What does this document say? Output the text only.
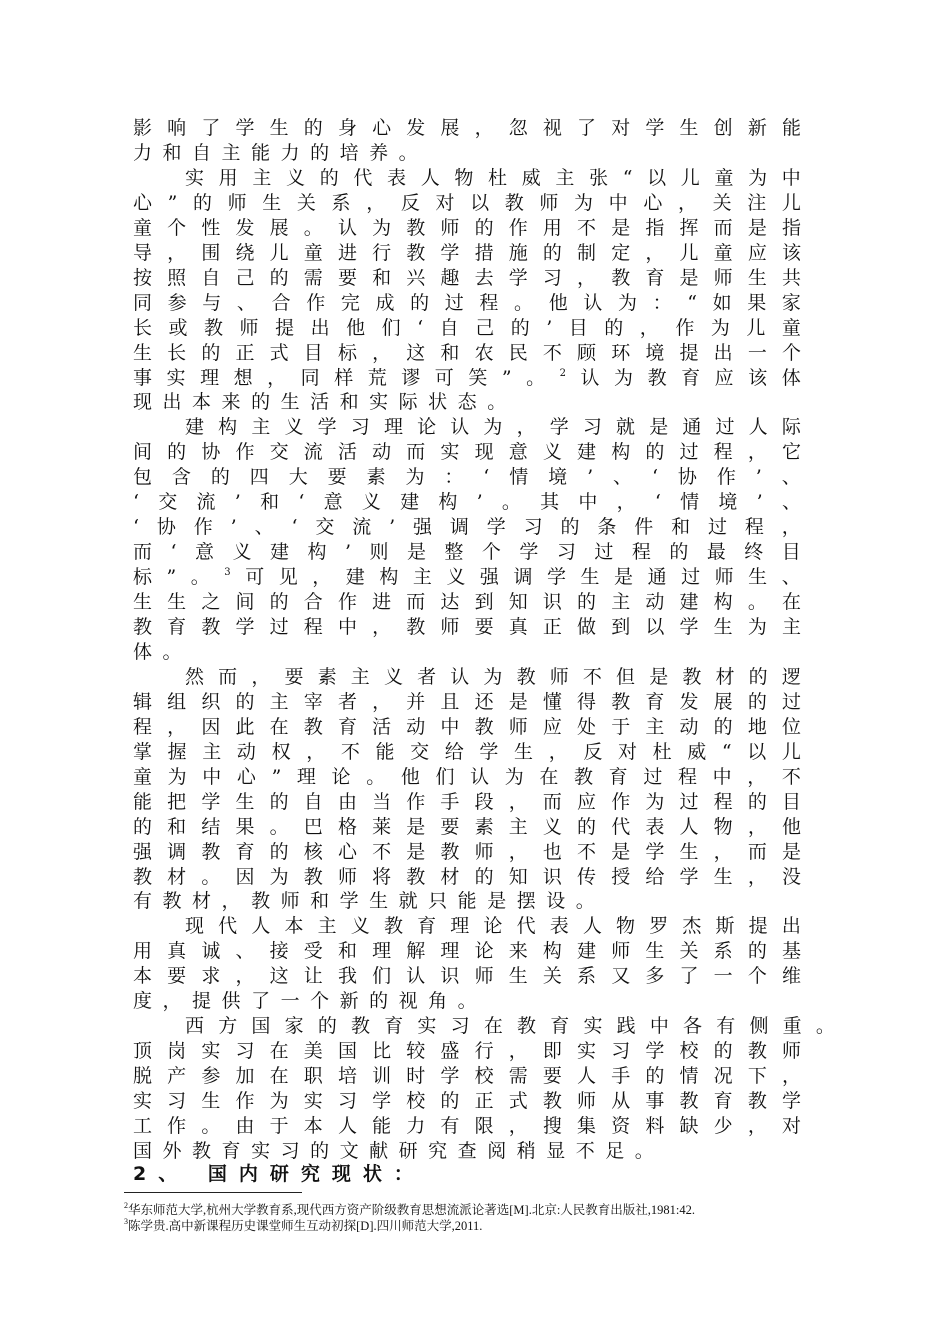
影 响 了 学 生 的 身 心 发 展 ， 忽 视 了 对 学 生 创 新 能
力 和 自 主 能 力 的 培 养 。
实 用 主 义 的 代 表 人 物 杜 威 主 张 “ 以 儿 童 为 中
心 ” 的 师 生 关 系 ， 反 对 以 教 师 为 中 心 ， 关 注 儿
童 个 性 发 展 。 认 为 教 师 的 作 用 不 是 指 挥 而 是 指
导 ， 围 绕 儿 童 进 行 教 学 措 施 的 制 定 ， 儿 童 应 该
按 照 自 己 的 需 要 和 兴 趣 去 学 习 ， 教 育 是 师 生 共
同 参 与 、 合 作 完 成 的 过 程 。 他 认 为 ： “ 如 果 家
长 或 教 师 提 出 他 们 ‘ 自 己 的 ’ 目 的 ， 作 为 儿 童
生 长 的 正 式 目 标 ， 这 和 农 民 不 顾 环 境 提 出 一 个
事 实 理 想 ， 同 样 荒 谬 可 笑 ” 。 $^2$ 认 为 教 育 应 该 体
现 出 本 来 的 生 活 和 实 际 状 态 。
建 构 主 义 学 习 理 论 认 为 ， 学 习 就 是 通 过 人 际
间 的 协 作 交 流 活 动 而 实 现 意 义 建 构 的 过 程 ， 它
包 含 的 四 大 要 素 为 ： ‘ 情 境 ’ 、 ‘ 协 作 ’ 、
‘ 交 流 ’ 和 ‘ 意 义 建 构 ’ 。 其 中 ， ‘ 情 境 ’ 、
‘ 协 作 ’ 、 ‘ 交 流 ’ 强 调 学 习 的 条 件 和 过 程 ，
而 ‘ 意 义 建 构 ’ 则 是 整 个 学 习 过 程 的 最 终 目
标 ” 。 $^3$ 可 见 ， 建 构 主 义 强 调 学 生 是 通 过 师 生 、
生 生 之 间 的 合 作 进 而 达 到 知 识 的 主 动 建 构 。 在
教 育 教 学 过 程 中 ， 教 师 要 真 正 做 到 以 学 生 为 主
体 。
然 而 ， 要 素 主 义 者 认 为 教 师 不 但 是 教 材 的 逻
辑 组 织 的 主 宰 者 ， 并 且 还 是 懂 得 教 育 发 展 的 过
程 ， 因 此 在 教 育 活 动 中 教 师 应 处 于 主 动 的 地 位
掌 握 主 动 权 ， 不 能 交 给 学 生 ， 反 对 杜 威 “ 以 儿
童 为 中 心 ” 理 论 。 他 们 认 为 在 教 育 过 程 中 ， 不
能 把 学 生 的 自 由 当 作 手 段 ， 而 应 作 为 过 程 的 目
的 和 结 果 。 巴 格 莱 是 要 素 主 义 的 代 表 人 物 ， 他
强 调 教 育 的 核 心 不 是 教 师 ， 也 不 是 学 生 ， 而 是
教 材 。 因 为 教 师 将 教 材 的 知 识 传 授 给 学 生 ， 没
有 教 材 ， 教 师 和 学 生 就 只 能 是 摆 设 。
现 代 人 本 主 义 教 育 理 论 代 表 人 物 罗 杰 斯 提 出
用 真 诚 、 接 受 和 理 解 理 论 来 构 建 师 生 关 系 的 基
本 要 求 ， 这 让 我 们 认 识 师 生 关 系 又 多 了 一 个 维
度 ， 提 供 了 一 个 新 的 视 角 。
西 方 国 家 的 教 育 实 习 在 教 育 实 践 中 各 有 侧 重 。
顶 岗 实 习 在 美 国 比 较 盛 行 ， 即 实 习 学 校 的 教 师
脱 产 参 加 在 职 培 训 时 学 校 需 要 人 手 的 情 况 下 ，
实 习 生 作 为 实 习 学 校 的 正 式 教 师 从 事 教 育 教 学
工 作 。 由 于 本 人 能 力 有 限 ， 搜 集 资 料 缺 少 ， 对
国 外 教 育 实 习 的 文 献 研 究 查 阅 稍 显 不 足 。
2、 国内研究现状：
$^2$华东师范大学,杭州大学教育系,现代西方资产阶级教育思想流派论著选[M].北京:人民教育出版社,1981:42.
$^3$陈学贵.高中新课程历史课堂师生互动初探[D].四川师范大学,2011.
